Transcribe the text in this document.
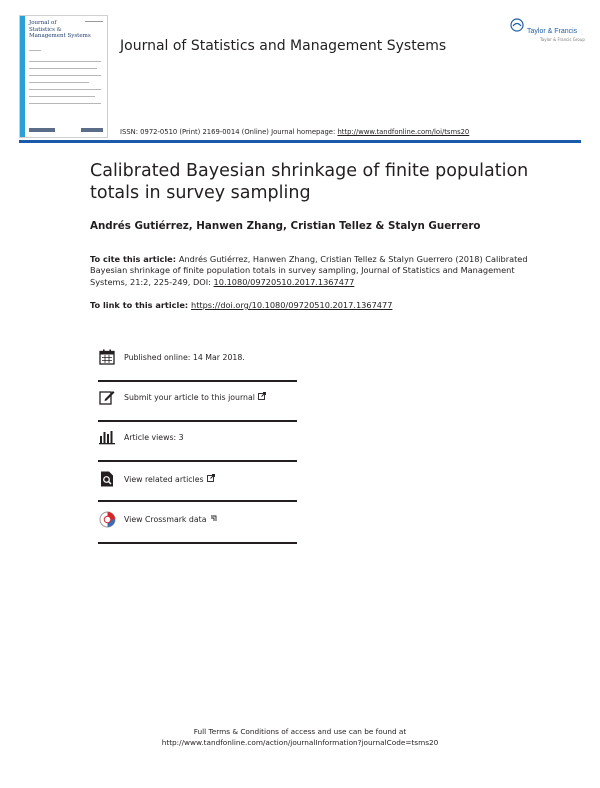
Journal of
Statistics &
Management Systems
Taylor & Francis
Taylor & Francis Group
Journal of Statistics and Management Systems
ISSN: 0972-0510 (Print) 2169-0014 (Online) Journal homepage: http://www.tandfonline.com/loi/tsms20
Calibrated Bayesian shrinkage of finite population totals in survey sampling
Andrés Gutiérrez, Hanwen Zhang, Cristian Tellez & Stalyn Guerrero
To cite this article: Andrés Gutiérrez, Hanwen Zhang, Cristian Tellez & Stalyn Guerrero (2018) Calibrated Bayesian shrinkage of finite population totals in survey sampling, Journal of Statistics and Management Systems, 21:2, 225-249, DOI: 10.1080/09720510.2017.1367477
To link to this article: https://doi.org/10.1080/09720510.2017.1367477
Published online: 14 Mar 2018.
Submit your article to this journal
Article views: 3
View related articles
View Crossmark data
Full Terms & Conditions of access and use can be found at
http://www.tandfonline.com/action/journalInformation?journalCode=tsms20
